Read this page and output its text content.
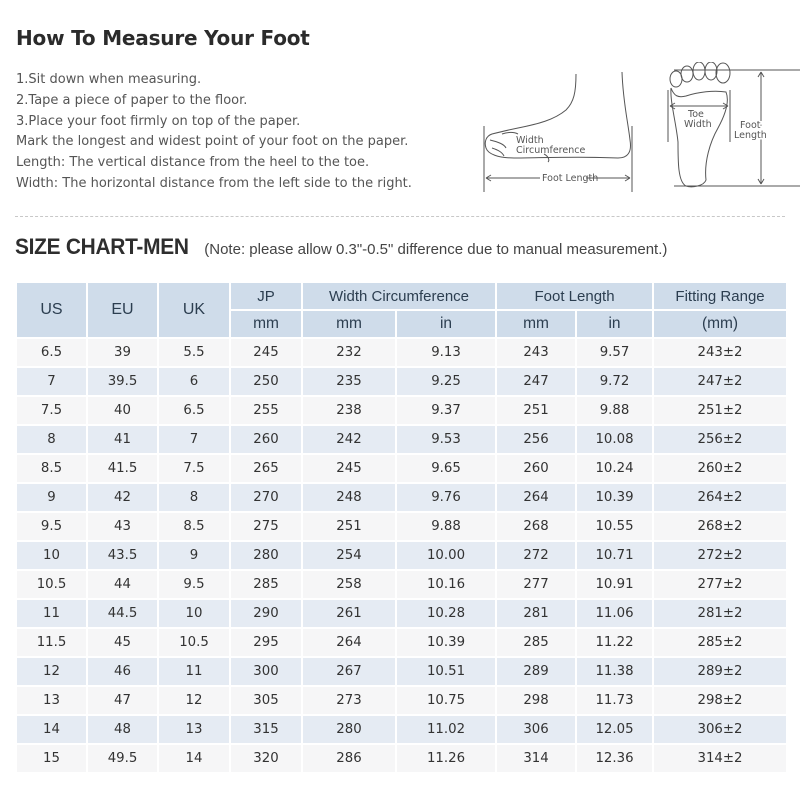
How To Measure Your Foot
1.Sit down when measuring.
2.Tape a piece of paper to the floor.
3.Place your foot firmly on top of the paper.
Mark the longest and widest point of your foot on the paper.
Length: The vertical distance from the heel to the toe.
Width: The horizontal distance from the left side to the right.
Width
Circumference
Foot Length
Toe
Width	Foot
Length
SIZE CHART-MEN (Note: please allow 0.3"-0.5" difference due to manual measurement.)
US	EU	UK	JP	Width Circumference		Foot Length		Fitting Range
			mm	mm	in	mm	in	(mm)
6.5	39	5.5	245	232	9.13	243	9.57	243±2
7	39.5	6	250	235	9.25	247	9.72	247±2
7.5	40	6.5	255	238	9.37	251	9.88	251±2
8	41	7	260	242	9.53	256	10.08	256±2
8.5	41.5	7.5	265	245	9.65	260	10.24	260±2
9	42	8	270	248	9.76	264	10.39	264±2
9.5	43	8.5	275	251	9.88	268	10.55	268±2
10	43.5	9	280	254	10.00	272	10.71	272±2
10.5	44	9.5	285	258	10.16	277	10.91	277±2
11	44.5	10	290	261	10.28	281	11.06	281±2
11.5	45	10.5	295	264	10.39	285	11.22	285±2
12	46	11	300	267	10.51	289	11.38	289±2
13	47	12	305	273	10.75	298	11.73	298±2
14	48	13	315	280	11.02	306	12.05	306±2
15	49.5	14	320	286	11.26	314	12.36	314±2
